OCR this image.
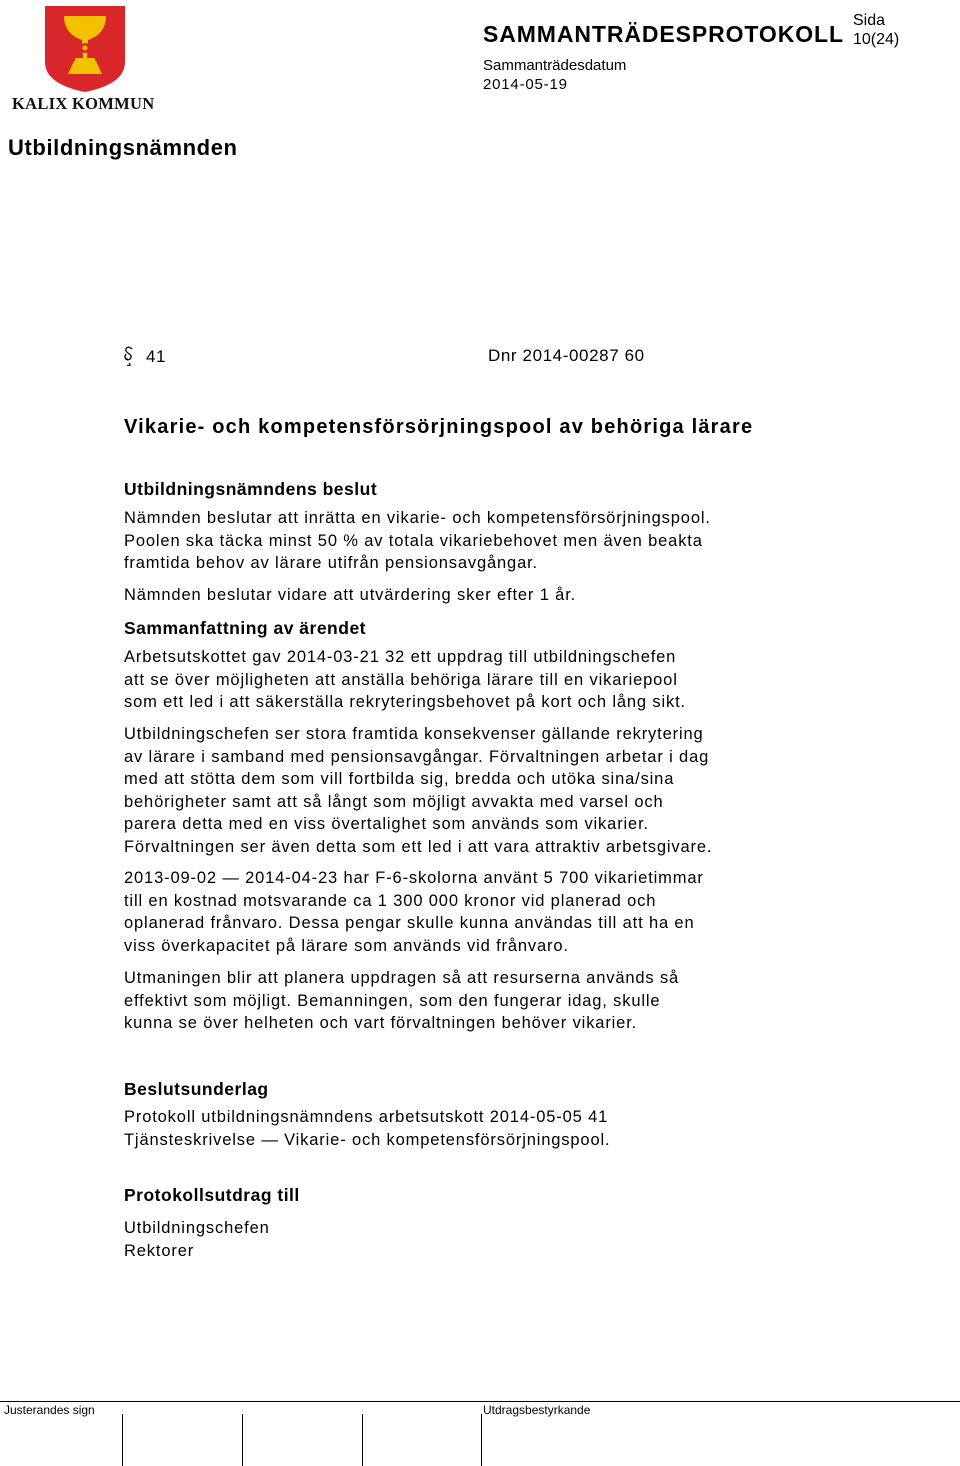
KALIX KOMMUN
SAMMANTRÄDESPROTOKOLL
Sida
10(24)
Sammanträdesdatum
2014-05-19
Utbildningsnämnden
41	Dnr 2014-00287 60
Vikarie- och kompetensförsörjningspool av behöriga lärare
Utbildningsnämndens beslut
Nämnden beslutar att inrätta en vikarie- och kompetensförsörjningspool.
Poolen ska täcka minst 50 % av totala vikariebehovet men även beakta
framtida behov av lärare utifrån pensionsavgångar.
Nämnden beslutar vidare att utvärdering sker efter 1 år.
Sammanfattning av ärendet
Arbetsutskottet gav 2014-03-21 32 ett uppdrag till utbildningschefen
att se över möjligheten att anställa behöriga lärare till en vikariepool
som ett led i att säkerställa rekryteringsbehovet på kort och lång sikt.
Utbildningschefen ser stora framtida konsekvenser gällande rekrytering
av lärare i samband med pensionsavgångar. Förvaltningen arbetar i dag
med att stötta dem som vill fortbilda sig, bredda och utöka sina/sina
behörigheter samt att så långt som möjligt avvakta med varsel och
parera detta med en viss övertalighet som används som vikarier.
Förvaltningen ser även detta som ett led i att vara attraktiv arbetsgivare.
2013-09-02 — 2014-04-23 har F-6-skolorna använt 5 700 vikarietimmar
till en kostnad motsvarande ca 1 300 000 kronor vid planerad och
oplanerad frånvaro. Dessa pengar skulle kunna användas till att ha en
viss överkapacitet på lärare som används vid frånvaro.
Utmaningen blir att planera uppdragen så att resurserna används så
effektivt som möjligt. Bemanningen, som den fungerar idag, skulle
kunna se över helheten och vart förvaltningen behöver vikarier.
Beslutsunderlag
Protokoll utbildningsnämndens arbetsutskott 2014-05-05 41
Tjänsteskrivelse — Vikarie- och kompetensförsörjningspool.
Protokollsutdrag till
Utbildningschefen
Rektorer
Justerandes sign	Utdragsbestyrkande
